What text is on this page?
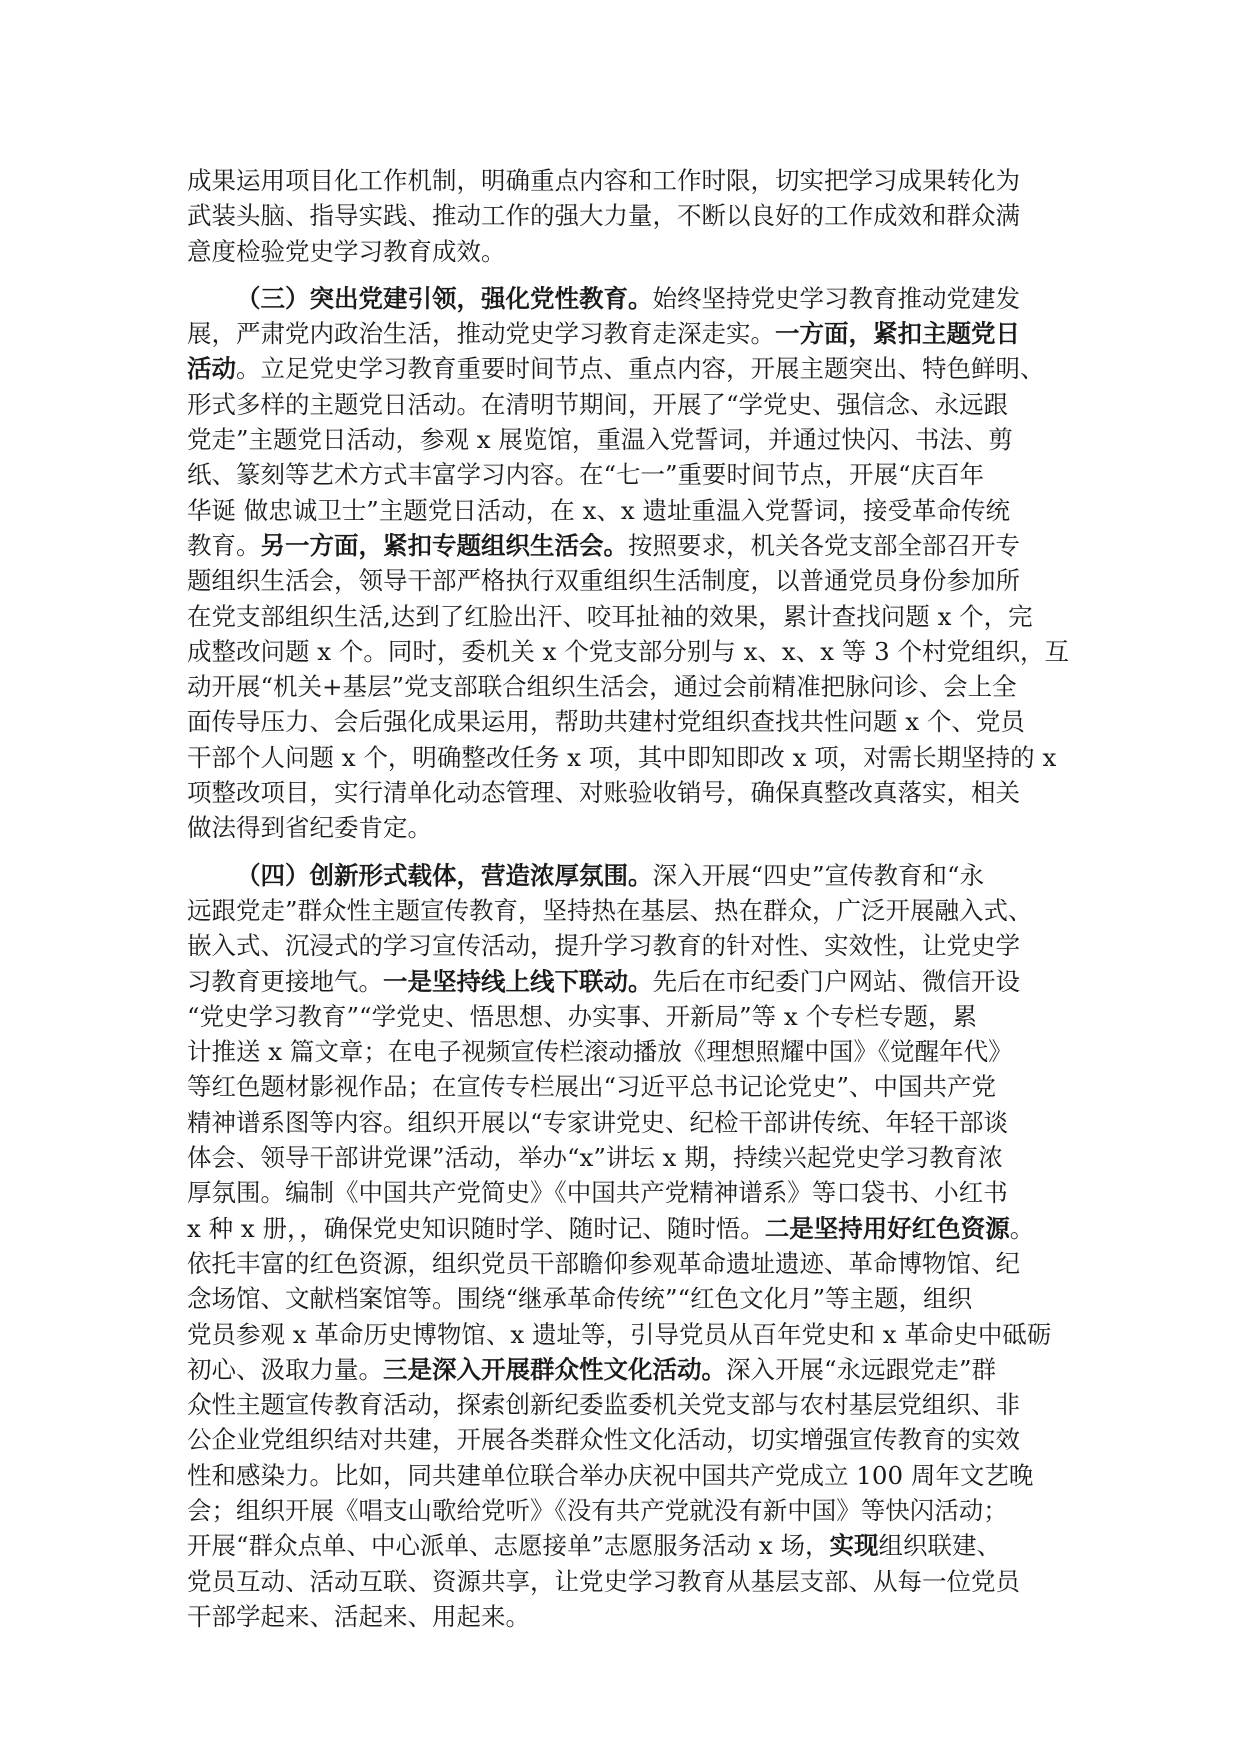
成果运用项目化工作机制，明确重点内容和工作时限，切实把学习成果转化为
武装头脑、指导实践、推动工作的强大力量，不断以良好的工作成效和群众满
意度检验党史学习教育成效。
（三）突出党建引领，强化党性教育。始终坚持党史学习教育推动党建发
展，严肃党内政治生活，推动党史学习教育走深走实。一方面，紧扣主题党日
活动。立足党史学习教育重要时间节点、重点内容，开展主题突出、特色鲜明、
形式多样的主题党日活动。在清明节期间，开展了“学党史、强信念、永远跟
党走”主题党日活动，参观 x 展览馆，重温入党誓词，并通过快闪、书法、剪
纸、篆刻等艺术方式丰富学习内容。在“七一”重要时间节点，开展“庆百年
华诞 做忠诚卫士”主题党日活动，在 x、x 遗址重温入党誓词，接受革命传统
教育。另一方面，紧扣专题组织生活会。按照要求，机关各党支部全部召开专
题组织生活会，领导干部严格执行双重组织生活制度，以普通党员身份参加所
在党支部组织生活,达到了红脸出汗、咬耳扯袖的效果，累计查找问题 x 个，完
成整改问题 x 个。同时，委机关 x 个党支部分别与 x、x、x 等 3 个村党组织，互
动开展“机关+基层”党支部联合组织生活会，通过会前精准把脉问诊、会上全
面传导压力、会后强化成果运用，帮助共建村党组织查找共性问题 x 个、党员
干部个人问题 x 个，明确整改任务 x 项，其中即知即改 x 项，对需长期坚持的 x
项整改项目，实行清单化动态管理、对账验收销号，确保真整改真落实，相关
做法得到省纪委肯定。
（四）创新形式载体，营造浓厚氛围。深入开展“四史”宣传教育和“永
远跟党走”群众性主题宣传教育，坚持热在基层、热在群众，广泛开展融入式、
嵌入式、沉浸式的学习宣传活动，提升学习教育的针对性、实效性，让党史学
习教育更接地气。一是坚持线上线下联动。先后在市纪委门户网站、微信开设
“党史学习教育”“学党史、悟思想、办实事、开新局”等 x 个专栏专题，累
计推送 x 篇文章；在电子视频宣传栏滚动播放《理想照耀中国》《觉醒年代》
等红色题材影视作品；在宣传专栏展出“习近平总书记论党史”、中国共产党
精神谱系图等内容。组织开展以“专家讲党史、纪检干部讲传统、年轻干部谈
体会、领导干部讲党课”活动，举办“x”讲坛 x 期，持续兴起党史学习教育浓
厚氛围。编制《中国共产党简史》《中国共产党精神谱系》等口袋书、小红书
x 种 x 册，，确保党史知识随时学、随时记、随时悟。二是坚持用好红色资源。
依托丰富的红色资源，组织党员干部瞻仰参观革命遗址遗迹、革命博物馆、纪
念场馆、文献档案馆等。围绕“继承革命传统”“红色文化月”等主题，组织
党员参观 x 革命历史博物馆、x 遗址等，引导党员从百年党史和 x 革命史中砥砺
初心、汲取力量。三是深入开展群众性文化活动。深入开展“永远跟党走”群
众性主题宣传教育活动，探索创新纪委监委机关党支部与农村基层党组织、非
公企业党组织结对共建，开展各类群众性文化活动，切实增强宣传教育的实效
性和感染力。比如，同共建单位联合举办庆祝中国共产党成立 100 周年文艺晚
会；组织开展《唱支山歌给党听》《没有共产党就没有新中国》等快闪活动；
开展“群众点单、中心派单、志愿接单”志愿服务活动 x 场，实现组织联建、
党员互动、活动互联、资源共享，让党史学习教育从基层支部、从每一位党员
干部学起来、活起来、用起来。
